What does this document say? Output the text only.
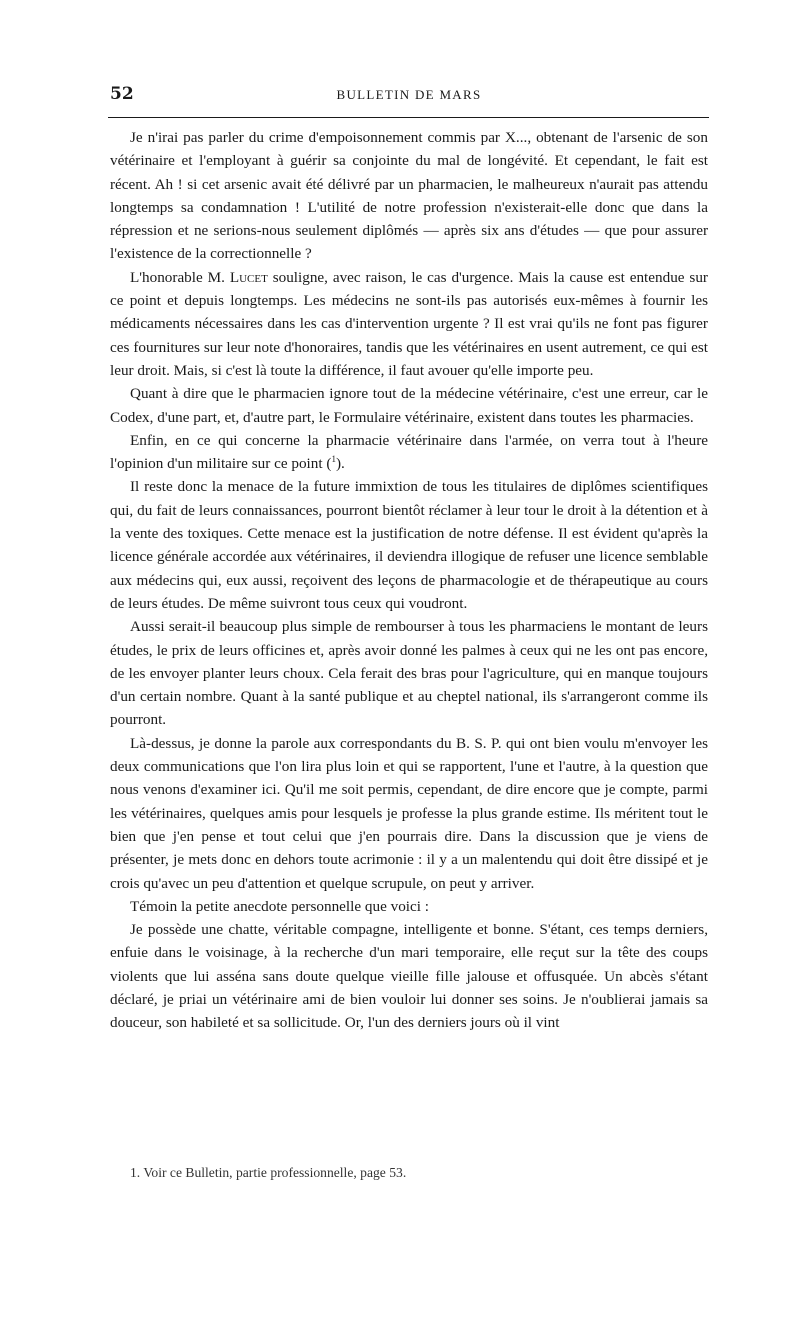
52	BULLETIN DE MARS

Je n'irai pas parler du crime d'empoisonnement commis par X..., obtenant de l'arsenic de son vétérinaire et l'employant à guérir sa conjointe du mal de longévité. Et cependant, le fait est récent. Ah ! si cet arsenic avait été délivré par un pharmacien, le malheureux n'aurait pas attendu longtemps sa condamnation ! L'utilité de notre profession n'existerait-elle donc que dans la répression et ne serions-nous seulement diplômés — après six ans d'études — que pour assurer l'existence de la correctionnelle ?

L'honorable M. Lucet souligne, avec raison, le cas d'urgence. Mais la cause est entendue sur ce point et depuis longtemps. Les médecins ne sont-ils pas autorisés eux-mêmes à fournir les médicaments nécessaires dans les cas d'intervention urgente ? Il est vrai qu'ils ne font pas figurer ces fournitures sur leur note d'honoraires, tandis que les vétérinaires en usent autrement, ce qui est leur droit. Mais, si c'est là toute la différence, il faut avouer qu'elle importe peu.

Quant à dire que le pharmacien ignore tout de la médecine vétérinaire, c'est une erreur, car le Codex, d'une part, et, d'autre part, le Formulaire vétérinaire, existent dans toutes les pharmacies.

Enfin, en ce qui concerne la pharmacie vétérinaire dans l'armée, on verra tout à l'heure l'opinion d'un militaire sur ce point ($^1$).

Il reste donc la menace de la future immixtion de tous les titulaires de diplômes scientifiques qui, du fait de leurs connaissances, pourront bientôt réclamer à leur tour le droit à la détention et à la vente des toxiques. Cette menace est la justification de notre défense. Il est évident qu'après la licence générale accordée aux vétérinaires, il deviendra illogique de refuser une licence semblable aux médecins qui, eux aussi, reçoivent des leçons de pharmacologie et de thérapeutique au cours de leurs études. De même suivront tous ceux qui voudront.

Aussi serait-il beaucoup plus simple de rembourser à tous les pharmaciens le montant de leurs études, le prix de leurs officines et, après avoir donné les palmes à ceux qui ne les ont pas encore, de les envoyer planter leurs choux. Cela ferait des bras pour l'agriculture, qui en manque toujours d'un certain nombre. Quant à la santé publique et au cheptel national, ils s'arrangeront comme ils pourront.

Là-dessus, je donne la parole aux correspondants du B. S. P. qui ont bien voulu m'envoyer les deux communications que l'on lira plus loin et qui se rapportent, l'une et l'autre, à la question que nous venons d'examiner ici. Qu'il me soit permis, cependant, de dire encore que je compte, parmi les vétérinaires, quelques amis pour lesquels je professe la plus grande estime. Ils méritent tout le bien que j'en pense et tout celui que j'en pourrais dire. Dans la discussion que je viens de présenter, je mets donc en dehors toute acrimonie : il y a un malentendu qui doit être dissipé et je crois qu'avec un peu d'attention et quelque scrupule, on peut y arriver.

Témoin la petite anecdote personnelle que voici :

Je possède une chatte, véritable compagne, intelligente et bonne. S'étant, ces temps derniers, enfuie dans le voisinage, à la recherche d'un mari temporaire, elle reçut sur la tête des coups violents que lui asséna sans doute quelque vieille fille jalouse et offusquée. Un abcès s'étant déclaré, je priai un vétérinaire ami de bien vouloir lui donner ses soins. Je n'oublierai jamais sa douceur, son habileté et sa sollicitude. Or, l'un des derniers jours où il vint

1. Voir ce Bulletin, partie professionnelle, page 53.
